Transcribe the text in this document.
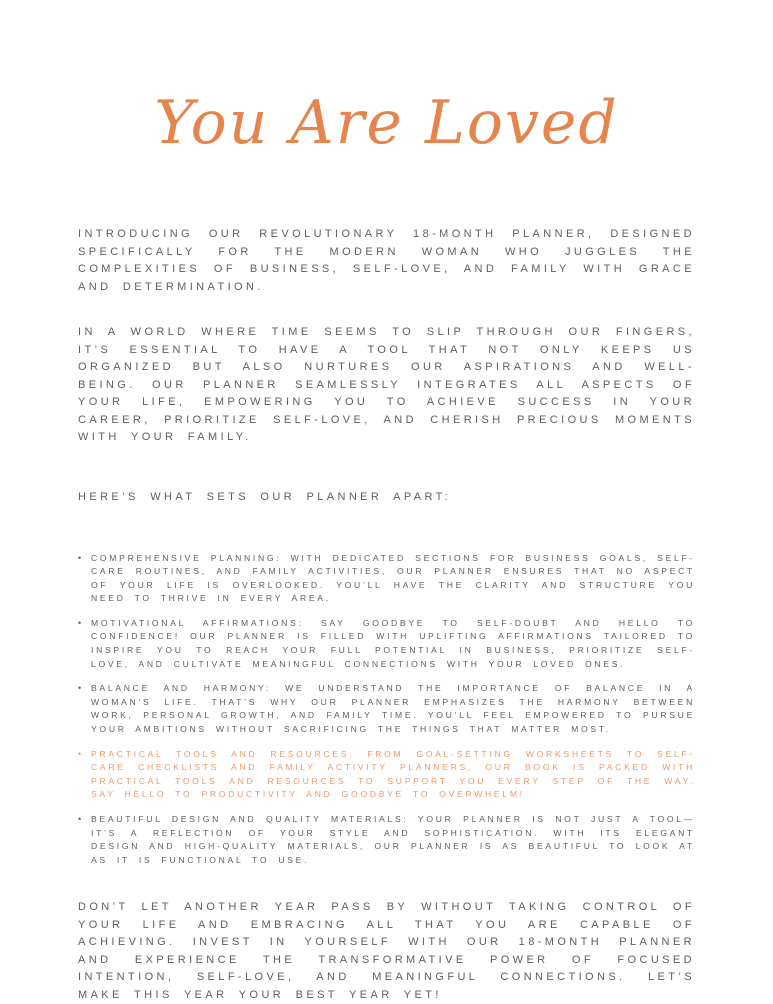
You Are Loved

INTRODUCING OUR REVOLUTIONARY 18-MONTH PLANNER, DESIGNED SPECIFICALLY FOR THE MODERN WOMAN WHO JUGGLES THE COMPLEXITIES OF BUSINESS, SELF-LOVE, AND FAMILY WITH GRACE AND DETERMINATION.

IN A WORLD WHERE TIME SEEMS TO SLIP THROUGH OUR FINGERS, IT’S ESSENTIAL TO HAVE A TOOL THAT NOT ONLY KEEPS US ORGANIZED BUT ALSO NURTURES OUR ASPIRATIONS AND WELL-BEING. OUR PLANNER SEAMLESSLY INTEGRATES ALL ASPECTS OF YOUR LIFE, EMPOWERING YOU TO ACHIEVE SUCCESS IN YOUR CAREER, PRIORITIZE SELF-LOVE, AND CHERISH PRECIOUS MOMENTS WITH YOUR FAMILY.

HERE’S WHAT SETS OUR PLANNER APART:

• COMPREHENSIVE PLANNING: WITH DEDICATED SECTIONS FOR BUSINESS GOALS, SELF-CARE ROUTINES, AND FAMILY ACTIVITIES, OUR PLANNER ENSURES THAT NO ASPECT OF YOUR LIFE IS OVERLOOKED. YOU’LL HAVE THE CLARITY AND STRUCTURE YOU NEED TO THRIVE IN EVERY AREA.
• MOTIVATIONAL AFFIRMATIONS: SAY GOODBYE TO SELF-DOUBT AND HELLO TO CONFIDENCE! OUR PLANNER IS FILLED WITH UPLIFTING AFFIRMATIONS TAILORED TO INSPIRE YOU TO REACH YOUR FULL POTENTIAL IN BUSINESS, PRIORITIZE SELF-LOVE, AND CULTIVATE MEANINGFUL CONNECTIONS WITH YOUR LOVED ONES.
• BALANCE AND HARMONY: WE UNDERSTAND THE IMPORTANCE OF BALANCE IN A WOMAN’S LIFE. THAT’S WHY OUR PLANNER EMPHASIZES THE HARMONY BETWEEN WORK, PERSONAL GROWTH, AND FAMILY TIME. YOU’LL FEEL EMPOWERED TO PURSUE YOUR AMBITIONS WITHOUT SACRIFICING THE THINGS THAT MATTER MOST.
• PRACTICAL TOOLS AND RESOURCES: FROM GOAL-SETTING WORKSHEETS TO SELF-CARE CHECKLISTS AND FAMILY ACTIVITY PLANNERS, OUR BOOK IS PACKED WITH PRACTICAL TOOLS AND RESOURCES TO SUPPORT YOU EVERY STEP OF THE WAY. SAY HELLO TO PRODUCTIVITY AND GOODBYE TO OVERWHELM!
• BEAUTIFUL DESIGN AND QUALITY MATERIALS: YOUR PLANNER IS NOT JUST A TOOL—IT’S A REFLECTION OF YOUR STYLE AND SOPHISTICATION. WITH ITS ELEGANT DESIGN AND HIGH-QUALITY MATERIALS, OUR PLANNER IS AS BEAUTIFUL TO LOOK AT AS IT IS FUNCTIONAL TO USE.

DON’T LET ANOTHER YEAR PASS BY WITHOUT TAKING CONTROL OF YOUR LIFE AND EMBRACING ALL THAT YOU ARE CAPABLE OF ACHIEVING. INVEST IN YOURSELF WITH OUR 18-MONTH PLANNER AND EXPERIENCE THE TRANSFORMATIVE POWER OF FOCUSED INTENTION, SELF-LOVE, AND MEANINGFUL CONNECTIONS. LET’S MAKE THIS YEAR YOUR BEST YEAR YET!
